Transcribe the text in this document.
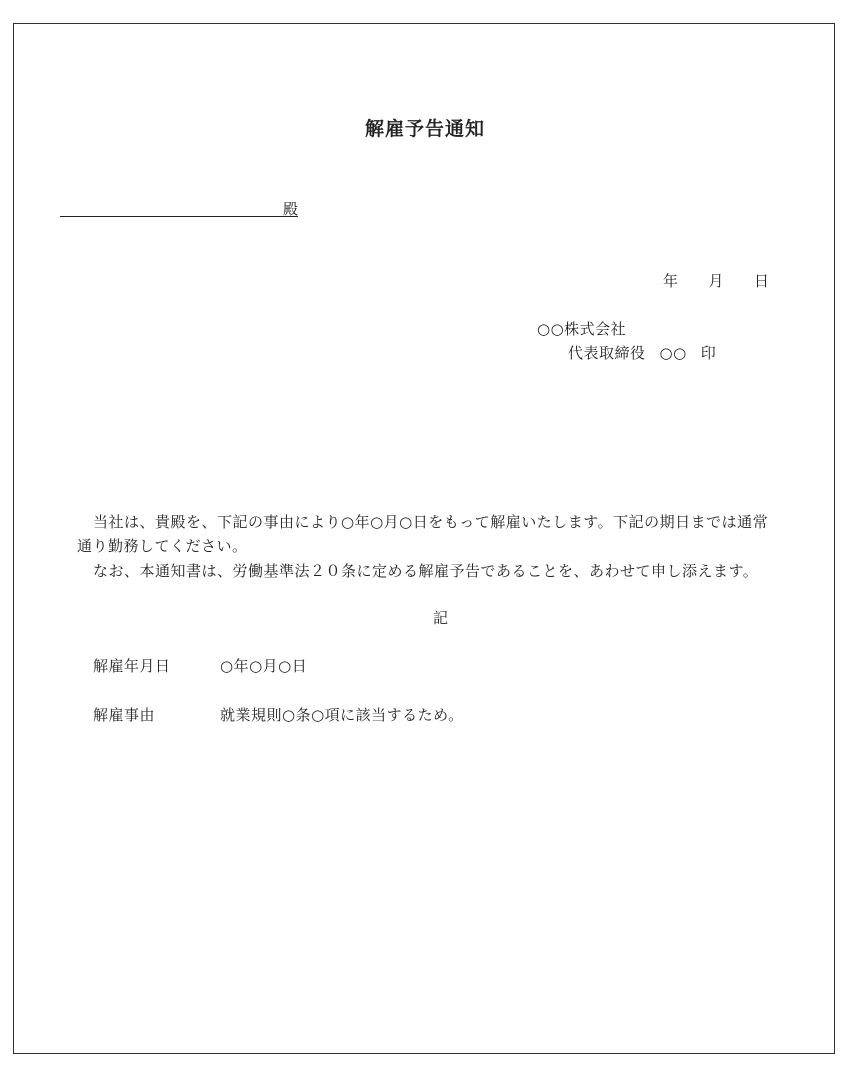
解雇予告通知
殿
年 月 日
○○株式会社
代表取締役 ○○ 印
当社は、貴殿を、下記の事由により○年○月○日をもって解雇いたします。下記の期日までは通常
通り勤務してください。
なお、本通知書は、労働基準法２０条に定める解雇予告であることを、あわせて申し添えます。
記
解雇年月日	○年○月○日
解雇事由	就業規則○条○項に該当するため。
